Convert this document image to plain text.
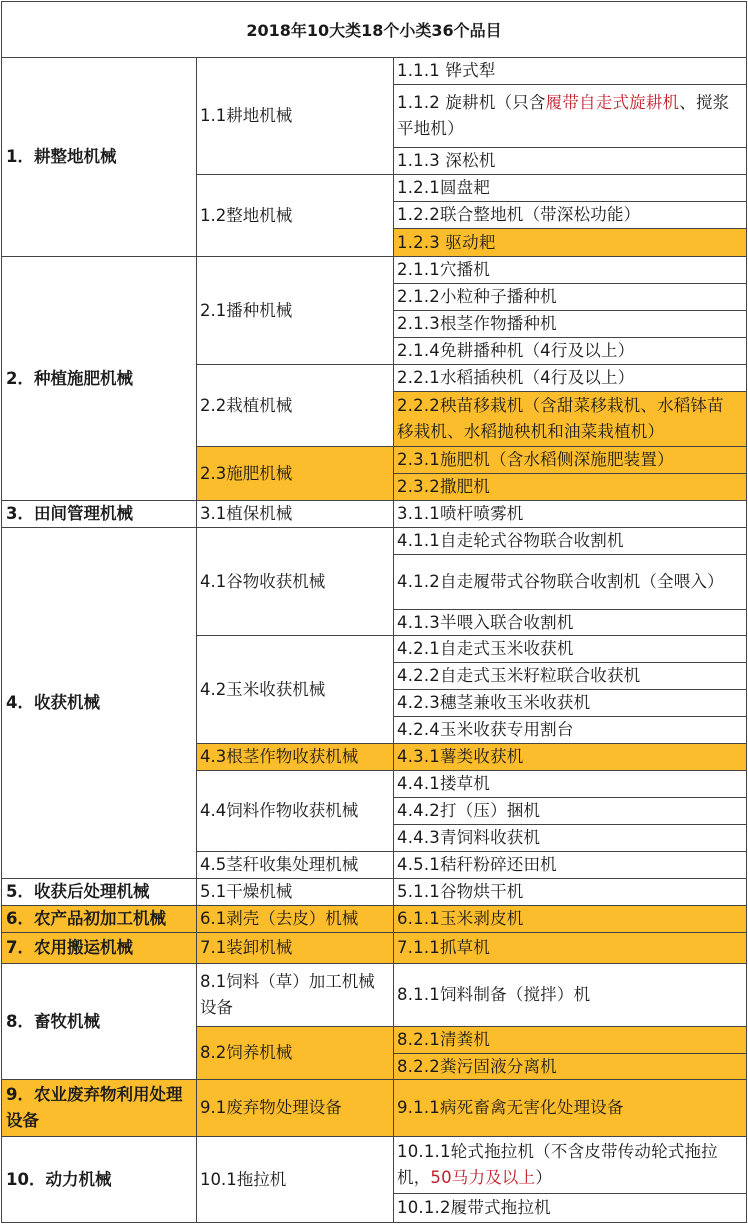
2018年10大类18个小类36个品目
1．耕整地机械
2．种植施肥机械
3．田间管理机械
4．收获机械
5．收获后处理机械
6．农产品初加工机械
7．农用搬运机械
8．畜牧机械
9．农业废弃物利用处理设备
10．动力机械
1.1耕地机械
1.2整地机械
2.1播种机械
2.2栽植机械
2.3施肥机械
3.1植保机械
4.1谷物收获机械
4.2玉米收获机械
4.3根茎作物收获机械
4.4饲料作物收获机械
4.5茎秆收集处理机械
5.1干燥机械
6.1剥壳（去皮）机械
7.1装卸机械
8.1饲料（草）加工机械设备
8.2饲养机械
9.1废弃物处理设备
10.1拖拉机
1.1.1 铧式犁
1.1.2 旋耕机（只含履带自走式旋耕机、搅浆平地机）
1.1.3 深松机
1.2.1圆盘耙
1.2.2联合整地机（带深松功能）
1.2.3 驱动耙
2.1.1穴播机
2.1.2小粒种子播种机
2.1.3根茎作物播种机
2.1.4免耕播种机（4行及以上）
2.2.1水稻插秧机（4行及以上）
2.2.2秧苗移栽机（含甜菜移栽机、水稻钵苗移栽机、水稻抛秧机和油菜栽植机）
2.3.1施肥机（含水稻侧深施肥装置）
2.3.2撒肥机
3.1.1喷杆喷雾机
4.1.1自走轮式谷物联合收割机
4.1.2自走履带式谷物联合收割机（全喂入）
4.1.3半喂入联合收割机
4.2.1自走式玉米收获机
4.2.2自走式玉米籽粒联合收获机
4.2.3穗茎兼收玉米收获机
4.2.4玉米收获专用割台
4.3.1薯类收获机
4.4.1搂草机
4.4.2打（压）捆机
4.4.3青饲料收获机
4.5.1秸秆粉碎还田机
5.1.1谷物烘干机
6.1.1玉米剥皮机
7.1.1抓草机
8.1.1饲料制备（搅拌）机
8.2.1清粪机
8.2.2粪污固液分离机
9.1.1病死畜禽无害化处理设备
10.1.1轮式拖拉机（不含皮带传动轮式拖拉机，50马力及以上）
10.1.2履带式拖拉机
